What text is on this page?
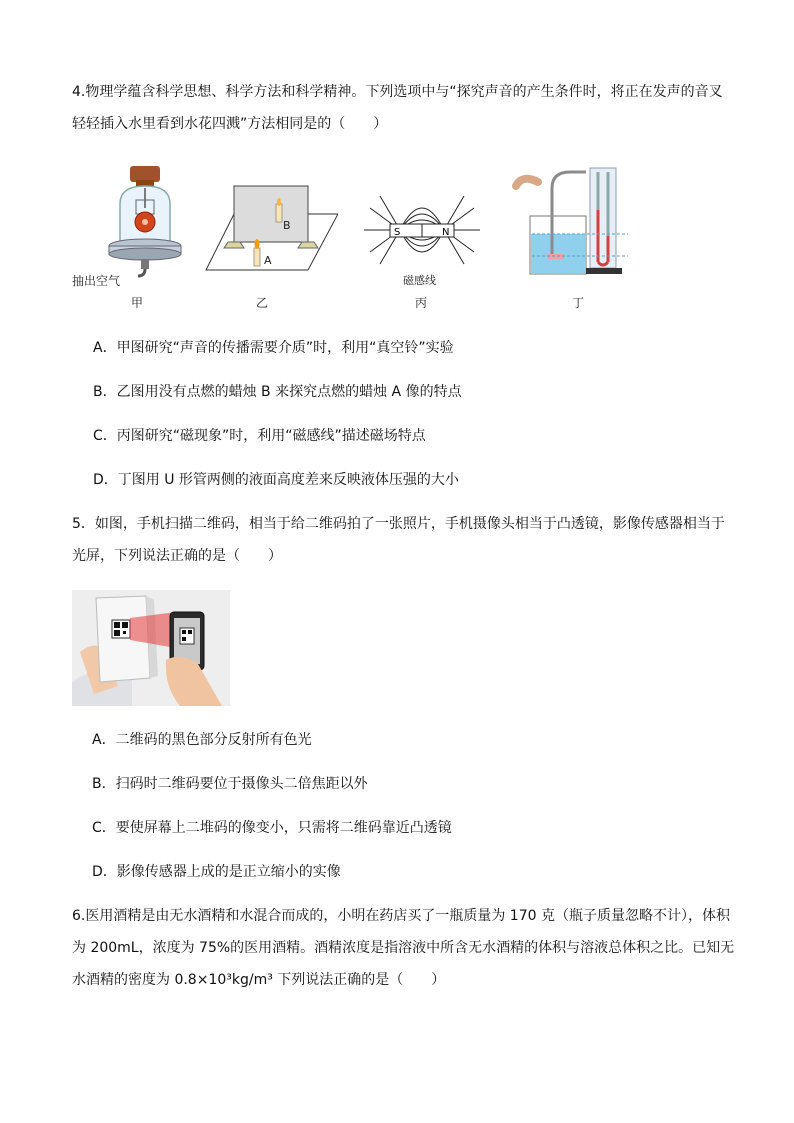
4.物理学蕴含科学思想、科学方法和科学精神。下列选项中与“探究声音的产生条件时，将正在发声的音叉
轻轻插入水里看到水花四溅”方法相同是的（　　）
抽出空气
甲
B
A
乙
S	N
磁感线
丙	丁
A．甲图研究“声音的传播需要介质”时，利用“真空铃”实验
B．乙图用没有点燃的蜡烛 B 来探究点燃的蜡烛 A 像的特点
C．丙图研究“磁现象”时，利用“磁感线”描述磁场特点
D．丁图用 U 形管两侧的液面高度差来反映液体压强的大小
5．如图，手机扫描二维码，相当于给二维码拍了一张照片，手机摄像头相当于凸透镜，影像传感器相当于
光屏，下列说法正确的是（　　）
A．二维码的黑色部分反射所有色光
B．扫码时二维码要位于摄像头二倍焦距以外
C．要使屏幕上二堆码的像变小，只需将二维码靠近凸透镜
D．影像传感器上成的是正立缩小的实像
6.医用酒精是由无水酒精和水混合而成的，小明在药店买了一瓶质量为 170 克（瓶子质量忽略不计），体积
为 200mL，浓度为 75%的医用酒精。酒精浓度是指溶液中所含无水酒精的体积与溶液总体积之比。已知无
水酒精的密度为 0.8×10³kg/m³ 下列说法正确的是（　　）
